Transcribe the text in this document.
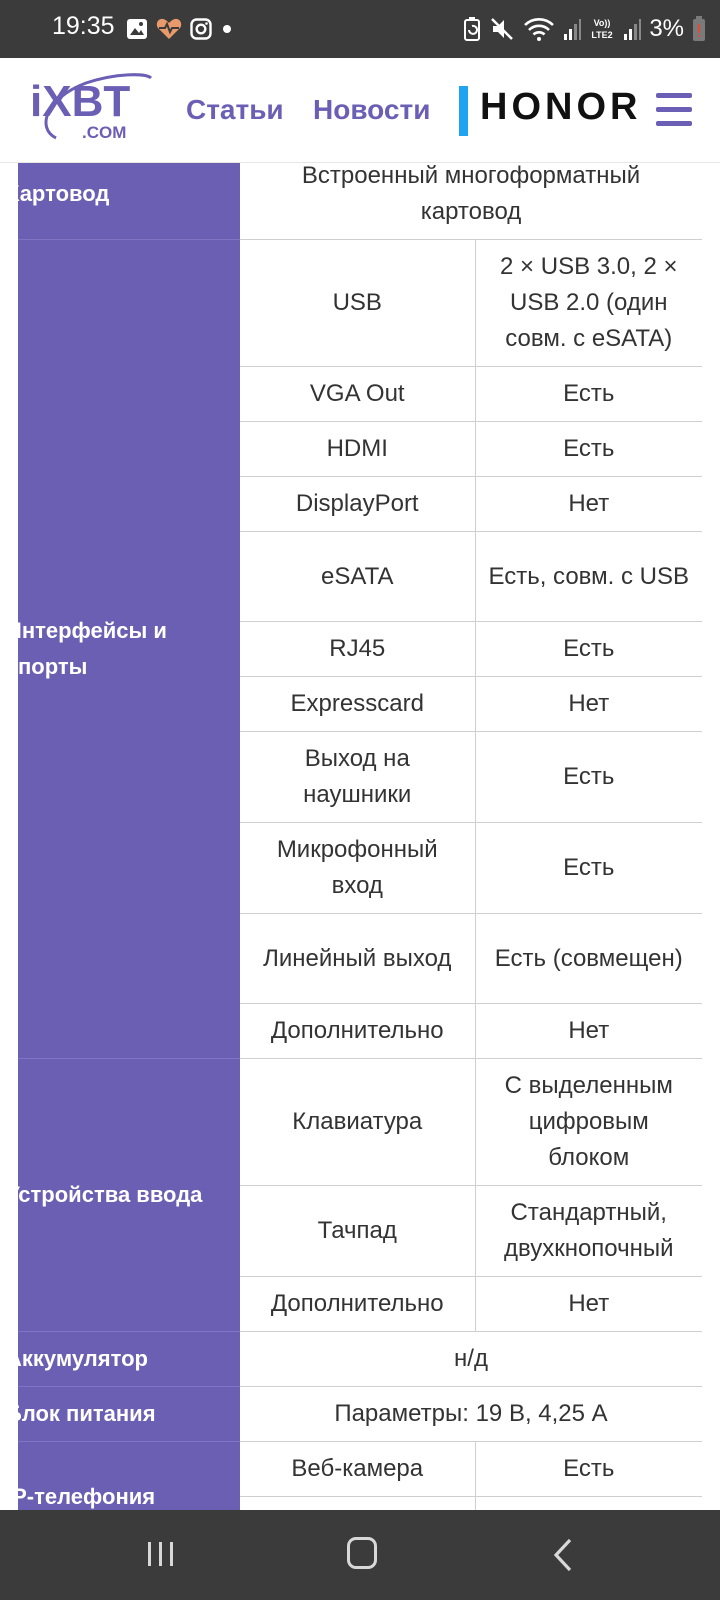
19:35	Vo))
LTE2 3%
iXBT
.COM
Статьи Новости HONOR
Картовод	Встроенный многоформатный картовод	
Интерфейсы и порты	USB	2 × USB 3.0, 2 × USB 2.0 (один совм. с eSATA)
	VGA Out	Есть
	HDMI	Есть
	DisplayPort	Нет
	eSATA	Есть, совм. с USB
	RJ45	Есть
	Expresscard	Нет
	Выход на наушники	Есть
	Микрофонный вход	Есть
	Линейный выход	Есть (совмещен)
	Дополнительно	Нет
Устройства ввода	Клавиатура	С выделенным цифровым блоком
	Тачпад	Стандартный, двухкнопочный
	Дополнительно	Нет
Аккумулятор	н/д	
Блок питания	Параметры: 19 В, 4,25 А	
IP-телефония	Веб-камера	Есть
